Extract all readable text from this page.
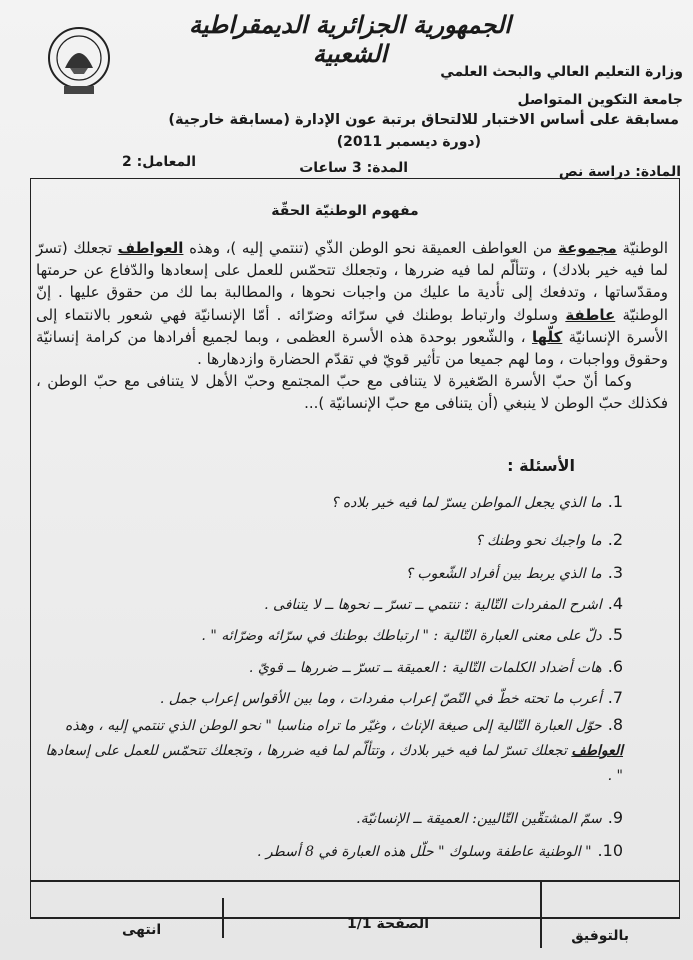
الجمهورية الجزائرية الديمقراطية الشعبية
وزارة التعليم العالي والبحث العلمي
جامعة التكوين المتواصل
مسابقة على أساس الاختبار للالتحاق برتبة عون الإدارة (مسابقة خارجية)
(دورة ديسمبر 2011)
المادة: دراسة نص
المدة: 3 ساعات
المعامل: 2
مفهوم الوطنيّة الحقّة
الوطنيّة مجموعة من العواطف العميقة نحو الوطن الذّي (تنتمي إليه )، وهذه العواطف تجعلك (تسرّ لما فيه خير بلادك) ، وتتألّم لما فيه ضررها ، وتجعلك تتحمّس للعمل على إسعادها والدّفاع عن حرمتها ومقدّساتها ، وتدفعك إلى تأدية ما عليك من واجبات نحوها ، والمطالبة بما لك من حقوق عليها . إنّ الوطنيّة عاطفة وسلوك وارتباط بوطنك في سرّائه وضرّائه . أمّا الإنسانيّة فهي شعور بالانتماء إلى الأسرة الإنسانيّة كلّها ، والشّعور بوحدة هذه الأسرة العظمى ، وبما لجميع أفرادها من كرامة إنسانيّة وحقوق وواجبات ، وما لهم جميعا من تأثير قويّ في تقدّم الحضارة وازدهارها .
وكما أنّ حبّ الأسرة الصّغيرة لا يتنافى مع حبّ المجتمع وحبّ الأهل لا يتنافى مع حبّ الوطن ، فكذلك حبّ الوطن لا ينبغي (أن يتنافى مع حبّ الإنسانيّة )...
الأسئلة :
1.ما الذي يجعل المواطن يسرّ لما فيه خير بلاده ؟
2.ما واجبك نحو وطنك ؟
3.ما الذي يربط بين أفراد الشّعوب ؟
4.اشرح المفردات التّالية : تنتمي ــ تسرّ ــ نحوها ــ لا يتنافى .
5.دلّ على معنى العبارة التّالية : " ارتباطك بوطنك في سرّائه وضرّائه " .
6.هات أضداد الكلمات التّالية : العميقة ــ تسرّ ــ ضررها ــ قويّ .
7.أعرب ما تحته خطّ في النّصّ إعراب مفردات ، وما بين الأقواس إعراب جمل .
8.حوّل العبارة التّالية إلى صيغة الإناث ، وغيّر ما تراه مناسبا " نحو الوطن الذي تنتمي إليه ، وهذه العواطف تجعلك تسرّ لما فيه خير بلادك ، وتتألّم لما فيه ضررها ، وتجعلك تتحمّس للعمل على إسعادها " .
9.سمّ المشتقّين التّاليين: العميقة ــ الإنسانيّة.
10." الوطنية عاطفة وسلوك " حلّل هذه العبارة في 8 أسطر .
بالتوفيق
الصفحة 1/1
انتهى
